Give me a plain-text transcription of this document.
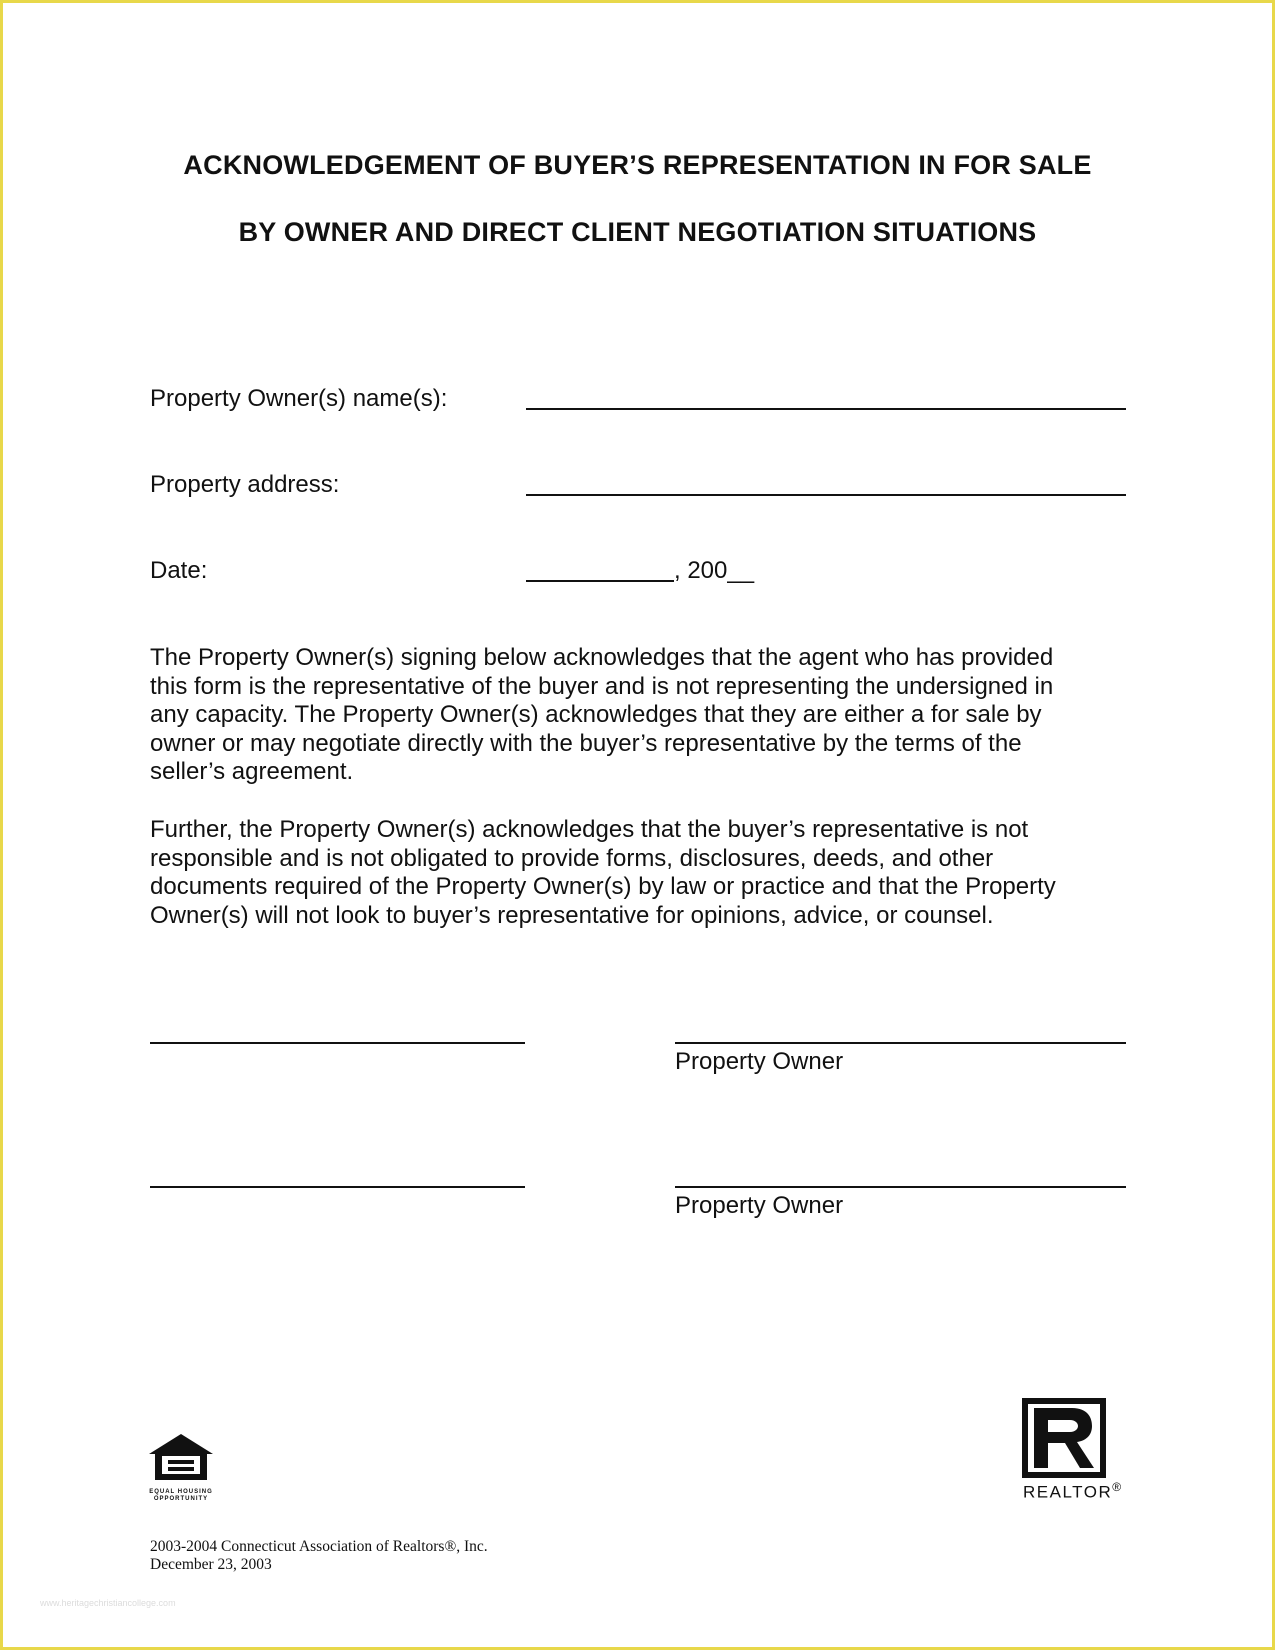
ACKNOWLEDGEMENT OF BUYER’S REPRESENTATION IN FOR SALE
BY OWNER AND DIRECT CLIENT NEGOTIATION SITUATIONS
Property Owner(s) name(s):
Property address:
Date:	, 200__
The Property Owner(s) signing below acknowledges that the agent who has provided
this form is the representative of the buyer and is not representing the undersigned in
any capacity. The Property Owner(s) acknowledges that they are either a for sale by
owner or may negotiate directly with the buyer’s representative by the terms of the
seller’s agreement.
Further, the Property Owner(s) acknowledges that the buyer’s representative is not
responsible and is not obligated to provide forms, disclosures, deeds, and other
documents required of the Property Owner(s) by law or practice and that the Property
Owner(s) will not look to buyer’s representative for opinions, advice, or counsel.
Property Owner
Property Owner
EQUAL HOUSING
OPPORTUNITY	REALTOR®
2003-2004 Connecticut Association of Realtors®, Inc.
December 23, 2003
www.heritagechristiancollege.com
